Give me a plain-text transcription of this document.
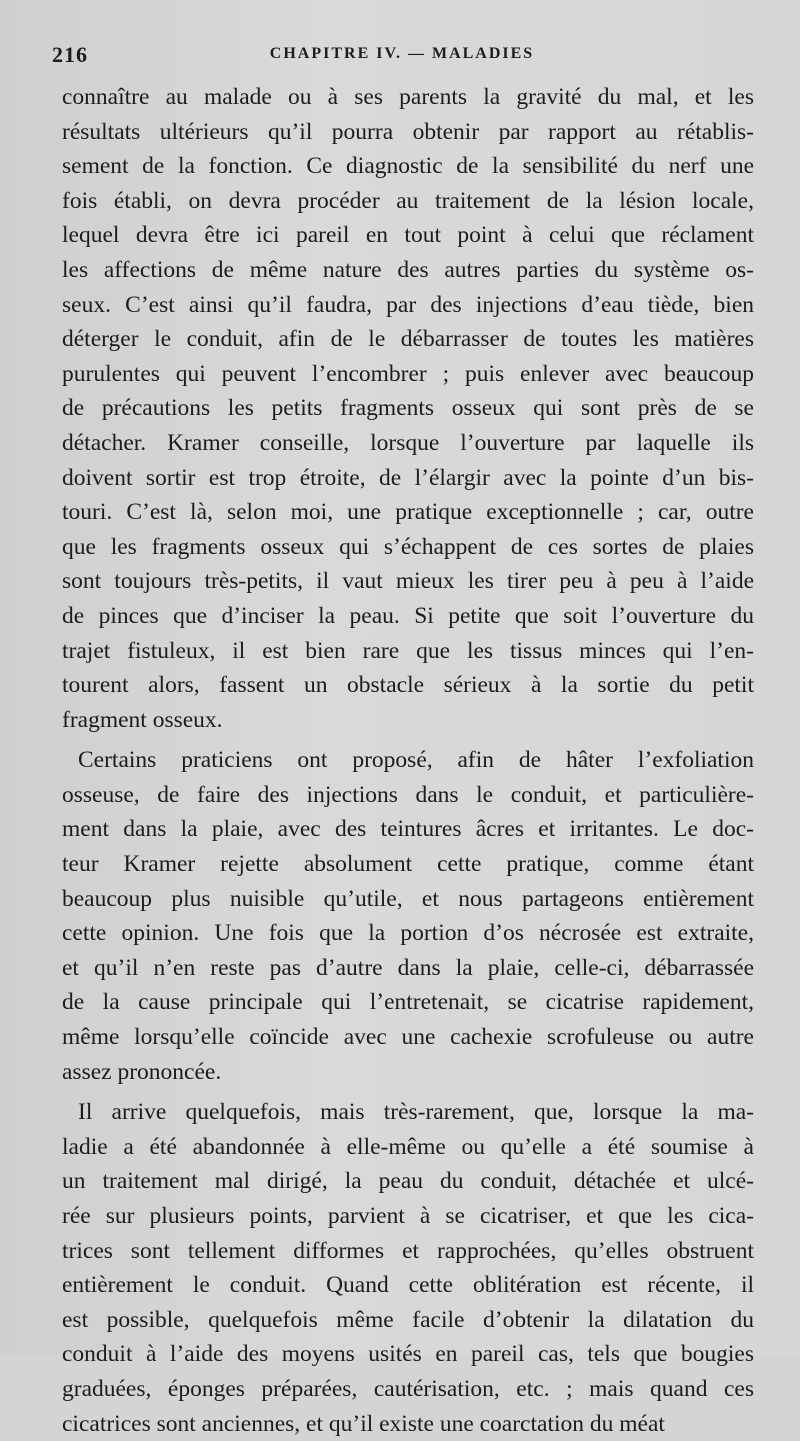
216	CHAPITRE IV. — MALADIES
connaître au malade ou à ses parents la gravité du mal, et les
résultats ultérieurs qu’il pourra obtenir par rapport au rétablis-
sement de la fonction. Ce diagnostic de la sensibilité du nerf une
fois établi, on devra procéder au traitement de la lésion locale,
lequel devra être ici pareil en tout point à celui que réclament
les affections de même nature des autres parties du système os-
seux. C’est ainsi qu’il faudra, par des injections d’eau tiède, bien
déterger le conduit, afin de le débarrasser de toutes les matières
purulentes qui peuvent l’encombrer ; puis enlever avec beaucoup
de précautions les petits fragments osseux qui sont près de se
détacher. Kramer conseille, lorsque l’ouverture par laquelle ils
doivent sortir est trop étroite, de l’élargir avec la pointe d’un bis-
touri. C’est là, selon moi, une pratique exceptionnelle ; car, outre
que les fragments osseux qui s’échappent de ces sortes de plaies
sont toujours très-petits, il vaut mieux les tirer peu à peu à l’aide
de pinces que d’inciser la peau. Si petite que soit l’ouverture du
trajet fistuleux, il est bien rare que les tissus minces qui l’en-
tourent alors, fassent un obstacle sérieux à la sortie du petit
fragment osseux.
Certains praticiens ont proposé, afin de hâter l’exfoliation
osseuse, de faire des injections dans le conduit, et particulière-
ment dans la plaie, avec des teintures âcres et irritantes. Le doc-
teur Kramer rejette absolument cette pratique, comme étant
beaucoup plus nuisible qu’utile, et nous partageons entièrement
cette opinion. Une fois que la portion d’os nécrosée est extraite,
et qu’il n’en reste pas d’autre dans la plaie, celle-ci, débarrassée
de la cause principale qui l’entretenait, se cicatrise rapidement,
même lorsqu’elle coïncide avec une cachexie scrofuleuse ou autre
assez prononcée.
Il arrive quelquefois, mais très-rarement, que, lorsque la ma-
ladie a été abandonnée à elle-même ou qu’elle a été soumise à
un traitement mal dirigé, la peau du conduit, détachée et ulcé-
rée sur plusieurs points, parvient à se cicatriser, et que les cica-
trices sont tellement difformes et rapprochées, qu’elles obstruent
entièrement le conduit. Quand cette oblitération est récente, il
est possible, quelquefois même facile d’obtenir la dilatation du
conduit à l’aide des moyens usités en pareil cas, tels que bougies
graduées, éponges préparées, cautérisation, etc. ; mais quand ces
cicatrices sont anciennes, et qu’il existe une coarctation du méat
